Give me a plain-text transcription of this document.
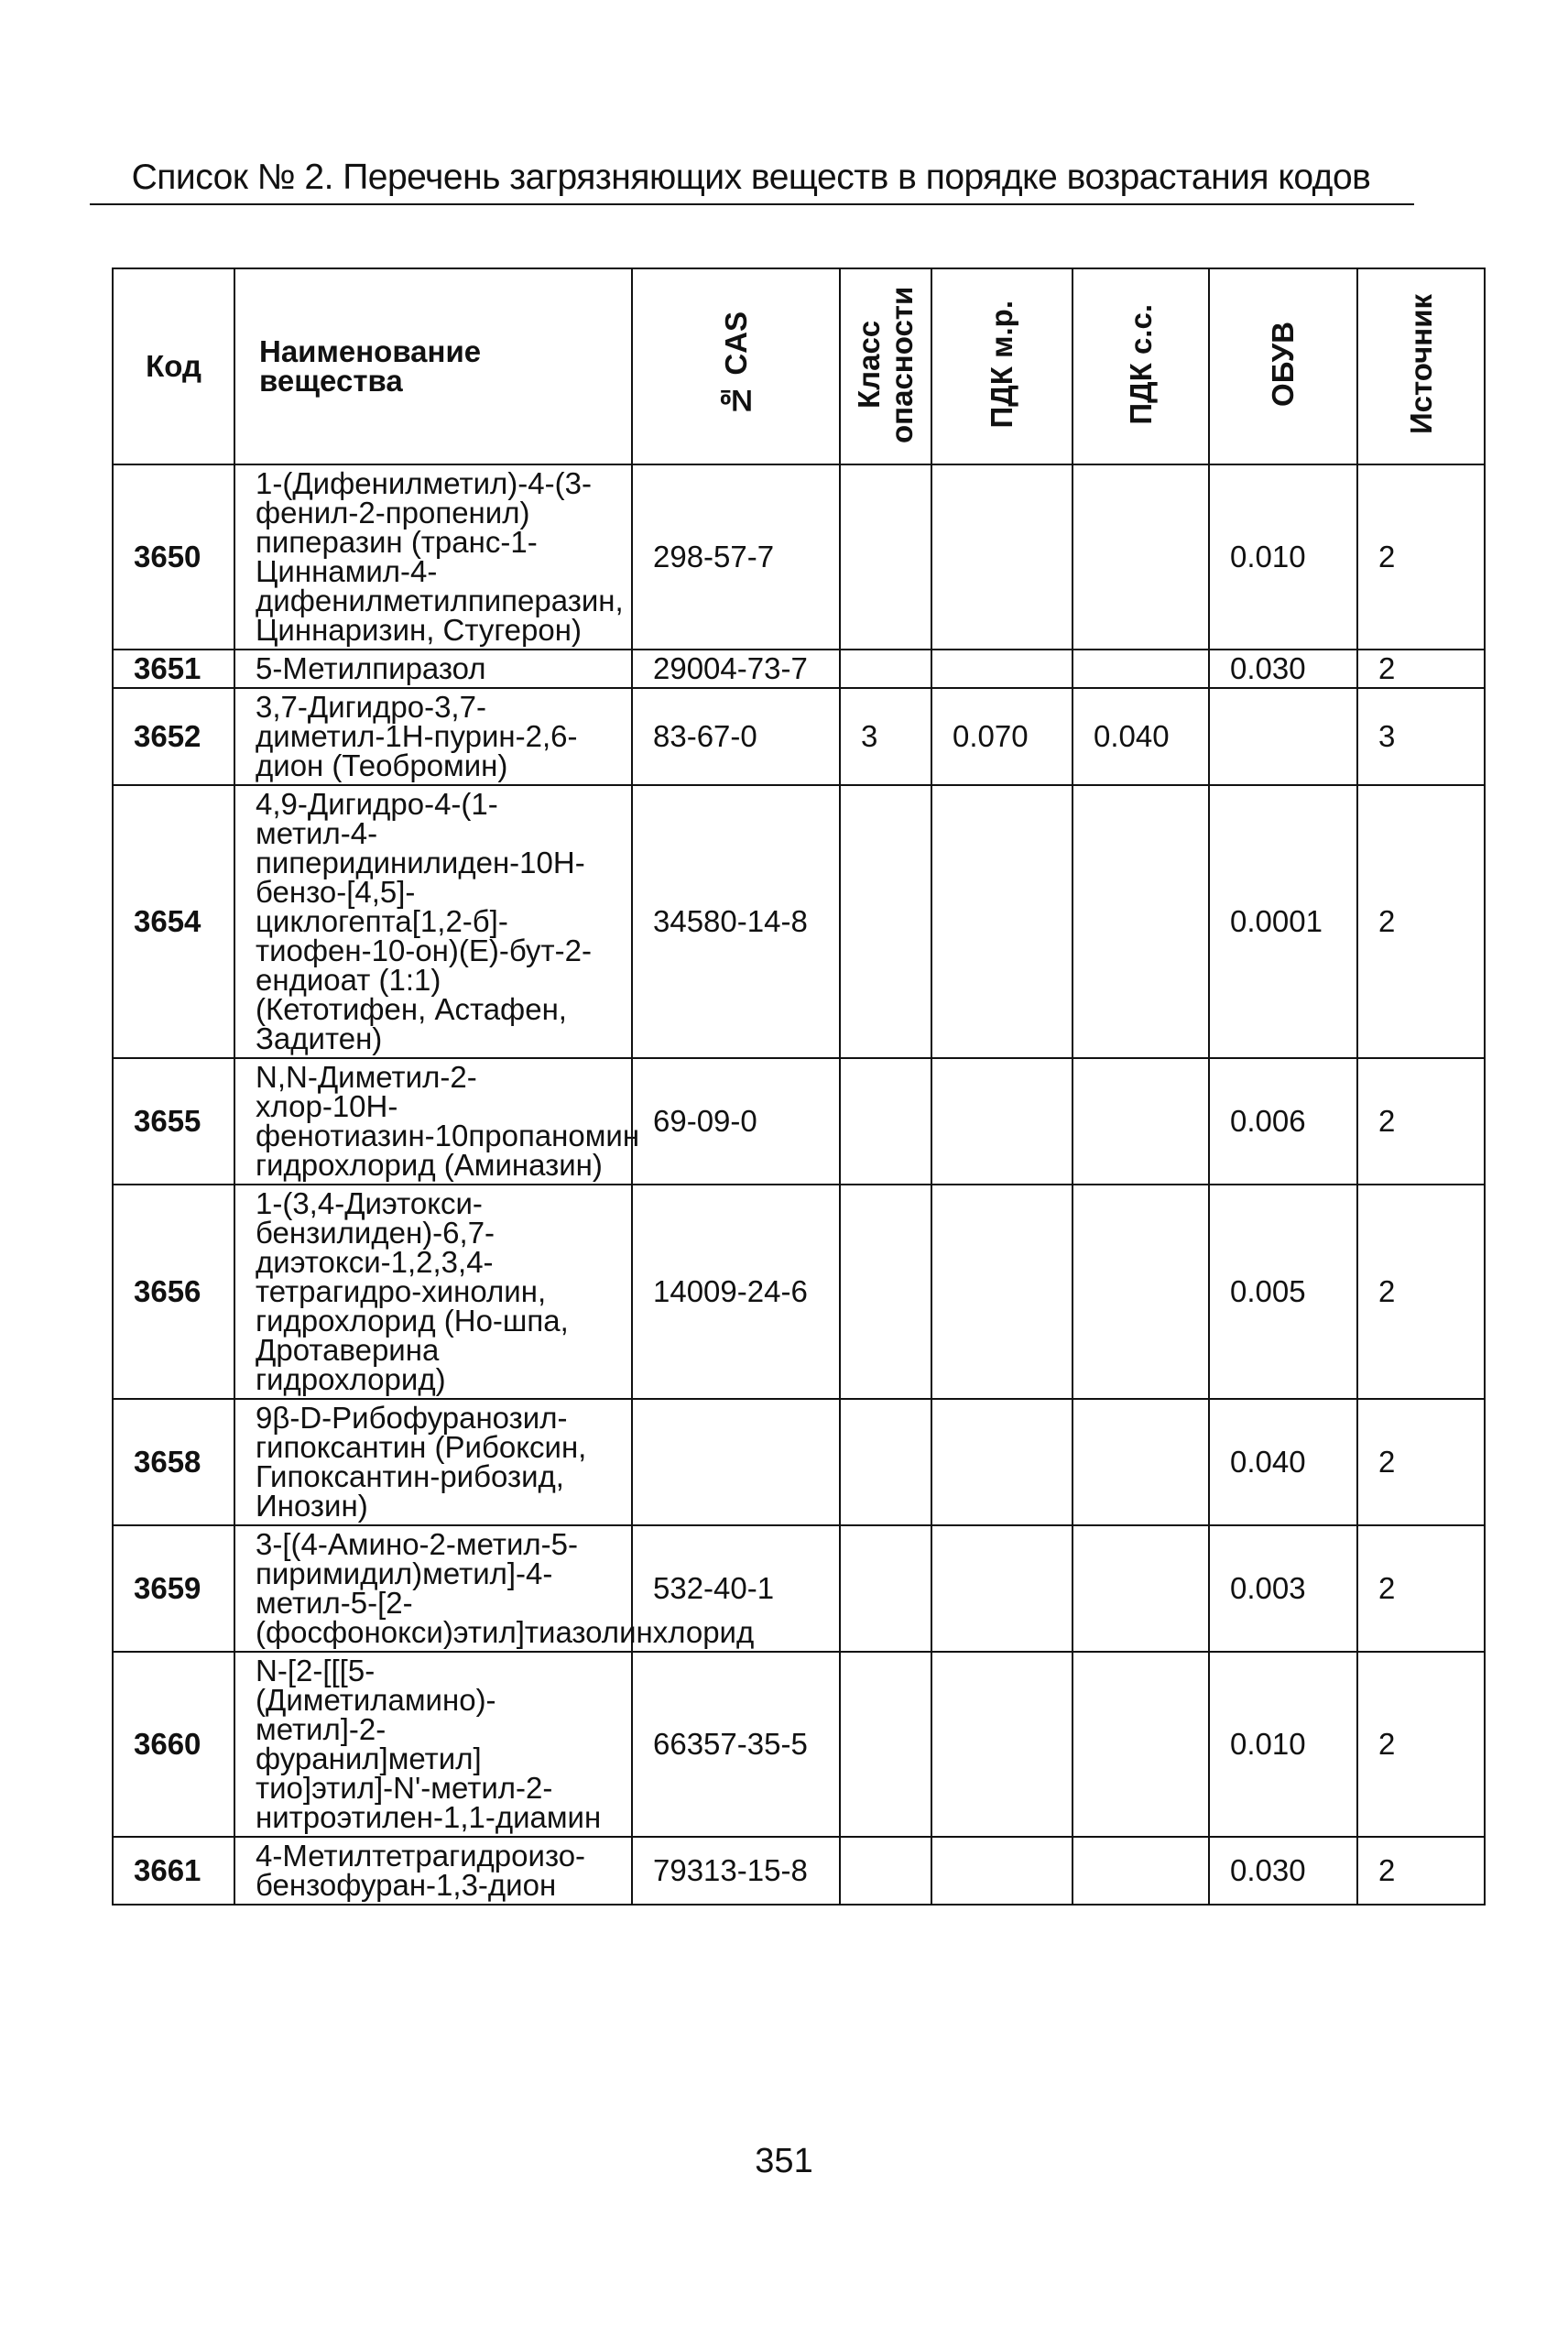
Список № 2. Перечень загрязняющих веществ в порядке возрастания кодов
Код	Наименование вещества	№ CAS	Класс опасности	ПДК м.р.	ПДК с.с.	ОБУВ	Источник
3650	1-(Дифенилметил)-4-(3-фенил-2-пропенил) пиперазин (транс-1-Циннамил-4-дифенилметилпиперазин, Циннаризин, Стугерон)	298-57-7				0.010	2
3651	5-Метилпиразол	29004-73-7				0.030	2
3652	3,7-Дигидро-3,7-диметил-1Н-пурин-2,6-дион (Теобромин)	83-67-0	3	0.070	0.040		3
3654	4,9-Дигидро-4-(1-метил-4-пиперидинилиден-10Н-бензо-[4,5]-циклогепта[1,2-б]-тиофен-10-он)(Е)-бут-2-ендиоат (1:1) (Кетотифен, Астафен, Задитен)	34580-14-8				0.0001	2
3655	N,N-Диметил-2-хлор-10Н-фенотиазин-10пропаномин гидрохлорид (Аминазин)	69-09-0				0.006	2
3656	1-(3,4-Диэтокси-бензилиден)-6,7-диэтокси-1,2,3,4-тетрагидро-хинолин, гидрохлорид (Но-шпа, Дротаверина гидрохлорид)	14009-24-6				0.005	2
3658	9β-D-Рибофуранозил-гипоксантин (Рибоксин, Гипоксантин-рибозид, Инозин)					0.040	2
3659	3-[(4-Амино-2-метил-5-пиримидил)метил]-4-метил-5-[2-(фосфонокси)этил]тиазолинхлорид	532-40-1				0.003	2
3660	N-[2-[[[5-(Диметиламино)-метил]-2-фуранил]метил] тио]этил]-N'-метил-2-нитроэтилен-1,1-диамин	66357-35-5				0.010	2
3661	4-Метилтетрагидроизо-бензофуран-1,3-дион	79313-15-8				0.030	2
351
